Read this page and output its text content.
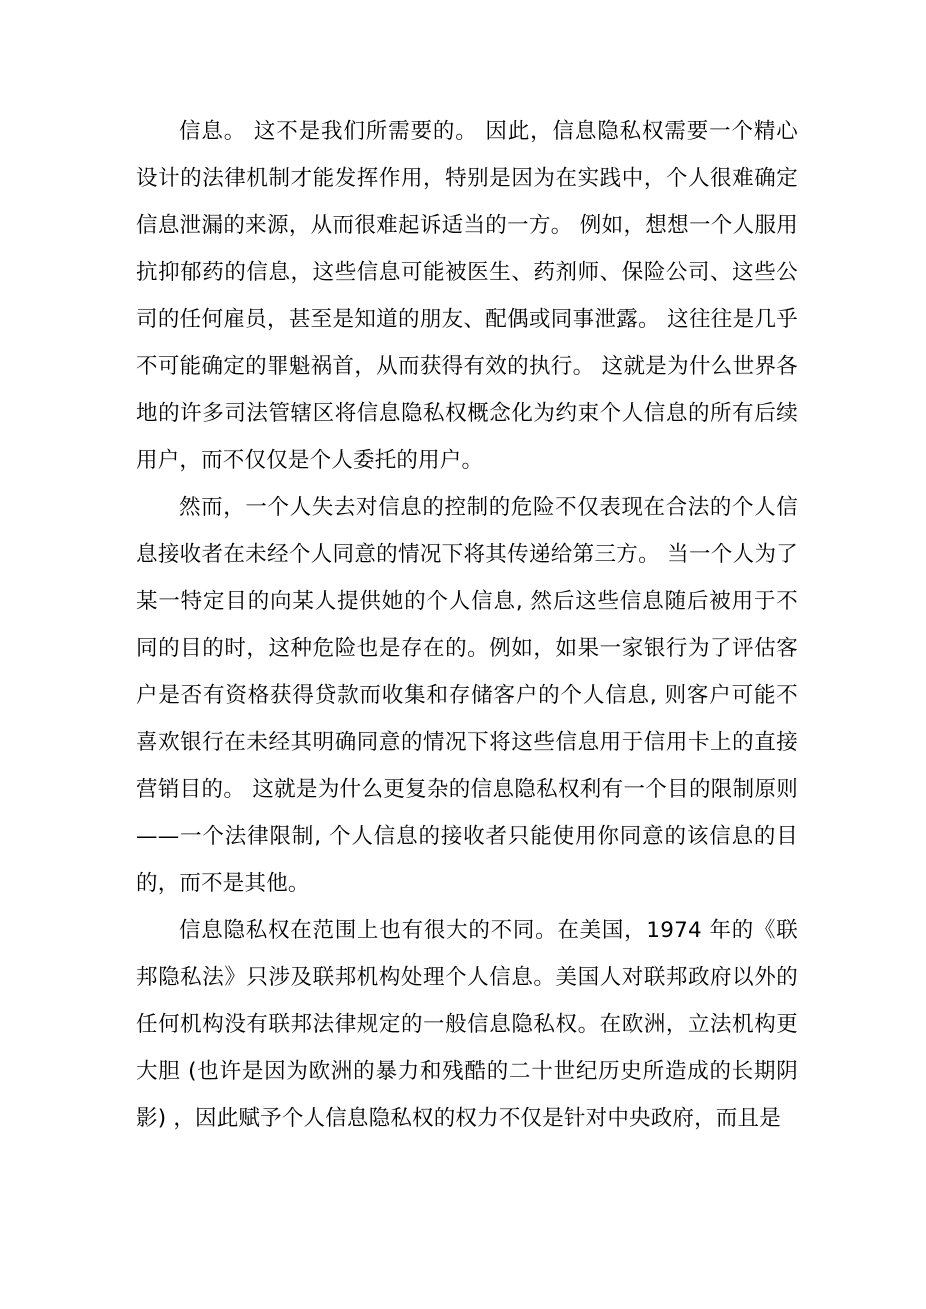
信息。 这不是我们所需要的。 因此，信息隐私权需要一个精心设计的法律机制才能发挥作用，特别是因为在实践中，个人很难确定信息泄漏的来源，从而很难起诉适当的一方。 例如，想想一个人服用抗抑郁药的信息，这些信息可能被医生、药剂师、保险公司、这些公司的任何雇员，甚至是知道的朋友、配偶或同事泄露。 这往往是几乎不可能确定的罪魁祸首，从而获得有效的执行。 这就是为什么世界各地的许多司法管辖区将信息隐私权概念化为约束个人信息的所有后续用户，而不仅仅是个人委托的用户。

然而，一个人失去对信息的控制的危险不仅表现在合法的个人信息接收者在未经个人同意的情况下将其传递给第三方。 当一个人为了某一特定目的向某人提供她的个人信息, 然后这些信息随后被用于不同的目的时，这种危险也是存在的。例如，如果一家银行为了评估客户是否有资格获得贷款而收集和存储客户的个人信息, 则客户可能不喜欢银行在未经其明确同意的情况下将这些信息用于信用卡上的直接营销目的。 这就是为什么更复杂的信息隐私权利有一个目的限制原则——一个法律限制, 个人信息的接收者只能使用你同意的该信息的目的，而不是其他。

信息隐私权在范围上也有很大的不同。在美国，1974 年的《联邦隐私法》只涉及联邦机构处理个人信息。美国人对联邦政府以外的任何机构没有联邦法律规定的一般信息隐私权。在欧洲，立法机构更大胆 (也许是因为欧洲的暴力和残酷的二十世纪历史所造成的长期阴影) ，因此赋予个人信息隐私权的权力不仅是针对中央政府，而且是
